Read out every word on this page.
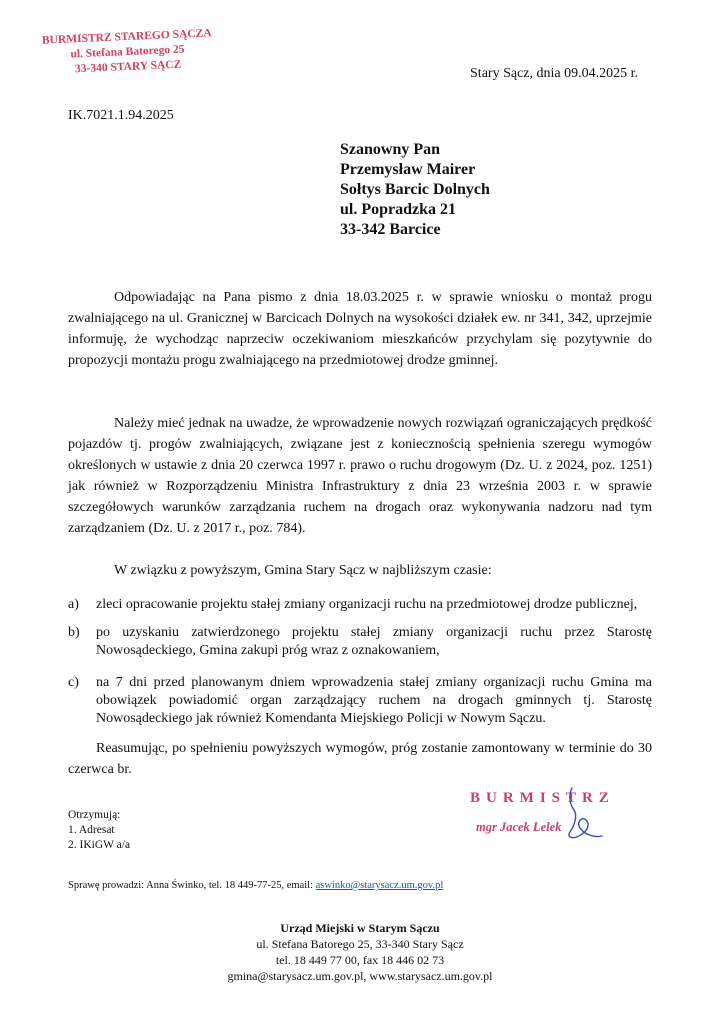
BURMISTRZ STAREGO SĄCZA
ul. Stefana Batorego 25
33-340 STARY SĄCZ	Stary Sącz, dnia 09.04.2025 r.
IK.7021.1.94.2025
Szanowny Pan
Przemysław Mairer
Sołtys Barcic Dolnych
ul. Popradzka 21
33-342 Barcice
Odpowiadając na Pana pismo z dnia 18.03.2025 r. w sprawie wniosku o montaż progu zwalniającego na ul. Granicznej w Barcicach Dolnych na wysokości działek ew. nr 341, 342, uprzejmie informuję, że wychodząc naprzeciw oczekiwaniom mieszkańców przychylam się pozytywnie do propozycji montażu progu zwalniającego na przedmiotowej drodze gminnej.
Należy mieć jednak na uwadze, że wprowadzenie nowych rozwiązań ograniczających prędkość pojazdów tj. progów zwalniających, związane jest z koniecznością spełnienia szeregu wymogów określonych w ustawie z dnia 20 czerwca 1997 r. prawo o ruchu drogowym (Dz. U. z 2024, poz. 1251) jak również w Rozporządzeniu Ministra Infrastruktury z dnia 23 września 2003 r. w sprawie szczegółowych warunków zarządzania ruchem na drogach oraz wykonywania nadzoru nad tym zarządzaniem (Dz. U. z 2017 r., poz. 784).
W związku z powyższym, Gmina Stary Sącz w najbliższym czasie:
a)	zleci opracowanie projektu stałej zmiany organizacji ruchu na przedmiotowej drodze publicznej,
b)	po uzyskaniu zatwierdzonego projektu stałej zmiany organizacji ruchu przez Starostę Nowosądeckiego, Gmina zakupi próg wraz z oznakowaniem,
c)	na 7 dni przed planowanym dniem wprowadzenia stałej zmiany organizacji ruchu Gmina ma obowiązek powiadomić organ zarządzający ruchem na drogach gminnych tj. Starostę Nowosądeckiego jak również Komendanta Miejskiego Policji w Nowym Sączu.
Reasumując, po spełnieniu powyższych wymogów, próg zostanie zamontowany w terminie do 30 czerwca br.
BURMISTRZ
mgr Jacek Lelek
Otrzymują:
1. Adresat
2. IKiGW a/a
Sprawę prowadzi: Anna Świnko, tel. 18 449-77-25, email: aswinko@starysacz.um.gov.pl
Urząd Miejski w Starym Sączu
ul. Stefana Batorego 25, 33-340 Stary Sącz
tel. 18 449 77 00, fax 18 446 02 73
gmina@starysacz.um.gov.pl, www.starysacz.um.gov.pl
